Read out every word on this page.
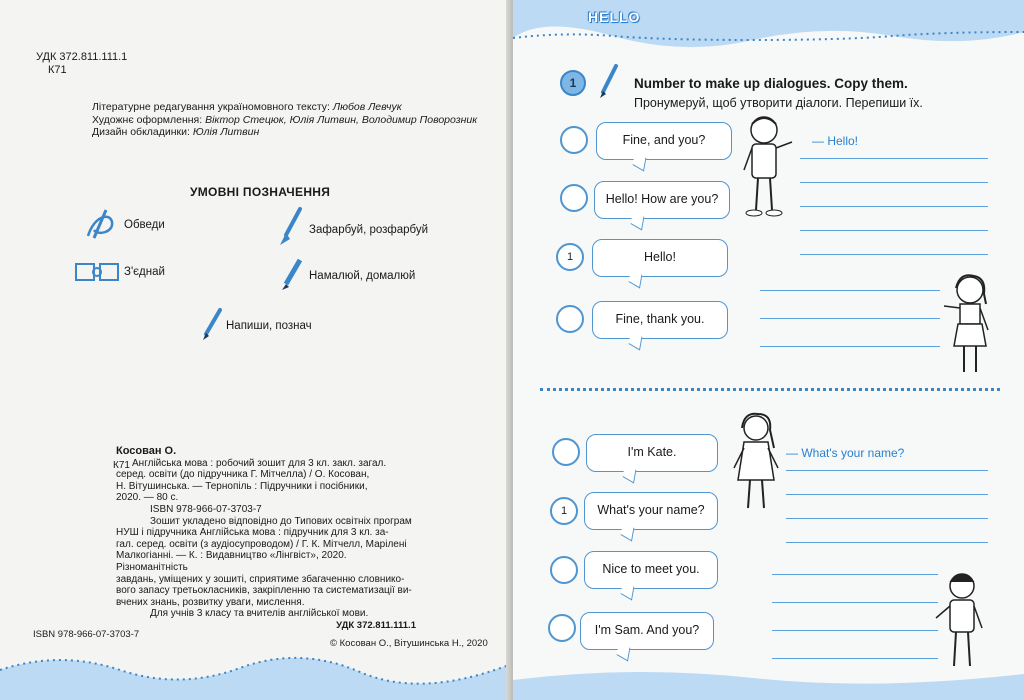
УДК 372.811.111.1
К71
Літературне редагування україномовного тексту: Любов Левчук
Художнє оформлення: Віктор Стецюк, Юлія Литвин, Володимир Поворозник
Дизайн обкладинки: Юлія Литвин
УМОВНІ ПОЗНАЧЕННЯ
Обведи	Зафарбуй, розфарбуй
З'єднай	Намалюй, домалюй
Напиши, познач
К71
Косован О.
Англійська мова : робочий зошит для 3 кл. закл. загал.
серед. освіти (до підручника Г. Мітчелла) / О. Косован,
Н. Вітушинська. — Тернопіль : Підручники і посібники,
2020. — 80 с.
ISBN 978-966-07-3703-7
Зошит укладено відповідно до Типових освітніх програм
НУШ і підручника Англійська мова : підручник для 3 кл. за-
гал. серед. освіти (з аудіосупроводом) / Г. К. Мітчелл, Марілені
Малкогіанні. — К. : Видавництво «Лінгвіст», 2020. Різноманітність
завдань, уміщених у зошиті, сприятиме збагаченню словнико-
вого запасу третьокласників, закріпленню та систематизації ви-
вчених знань, розвитку уваги, мислення.
Для учнів 3 класу та вчителів англійської мови.
УДК 372.811.111.1
ISBN 978-966-07-3703-7
© Косован О., Вітушинська Н., 2020
HELLO
1	Number to make up dialogues. Copy them.
Пронумеруй, щоб утворити діалоги. Перепиши їх.
Fine, and you?
Hello! How are you?
1	Hello!
Fine, thank you.
— Hello!
I'm Kate.
1	What's your name?
Nice to meet you.
I'm Sam. And you?
— What's your name?
